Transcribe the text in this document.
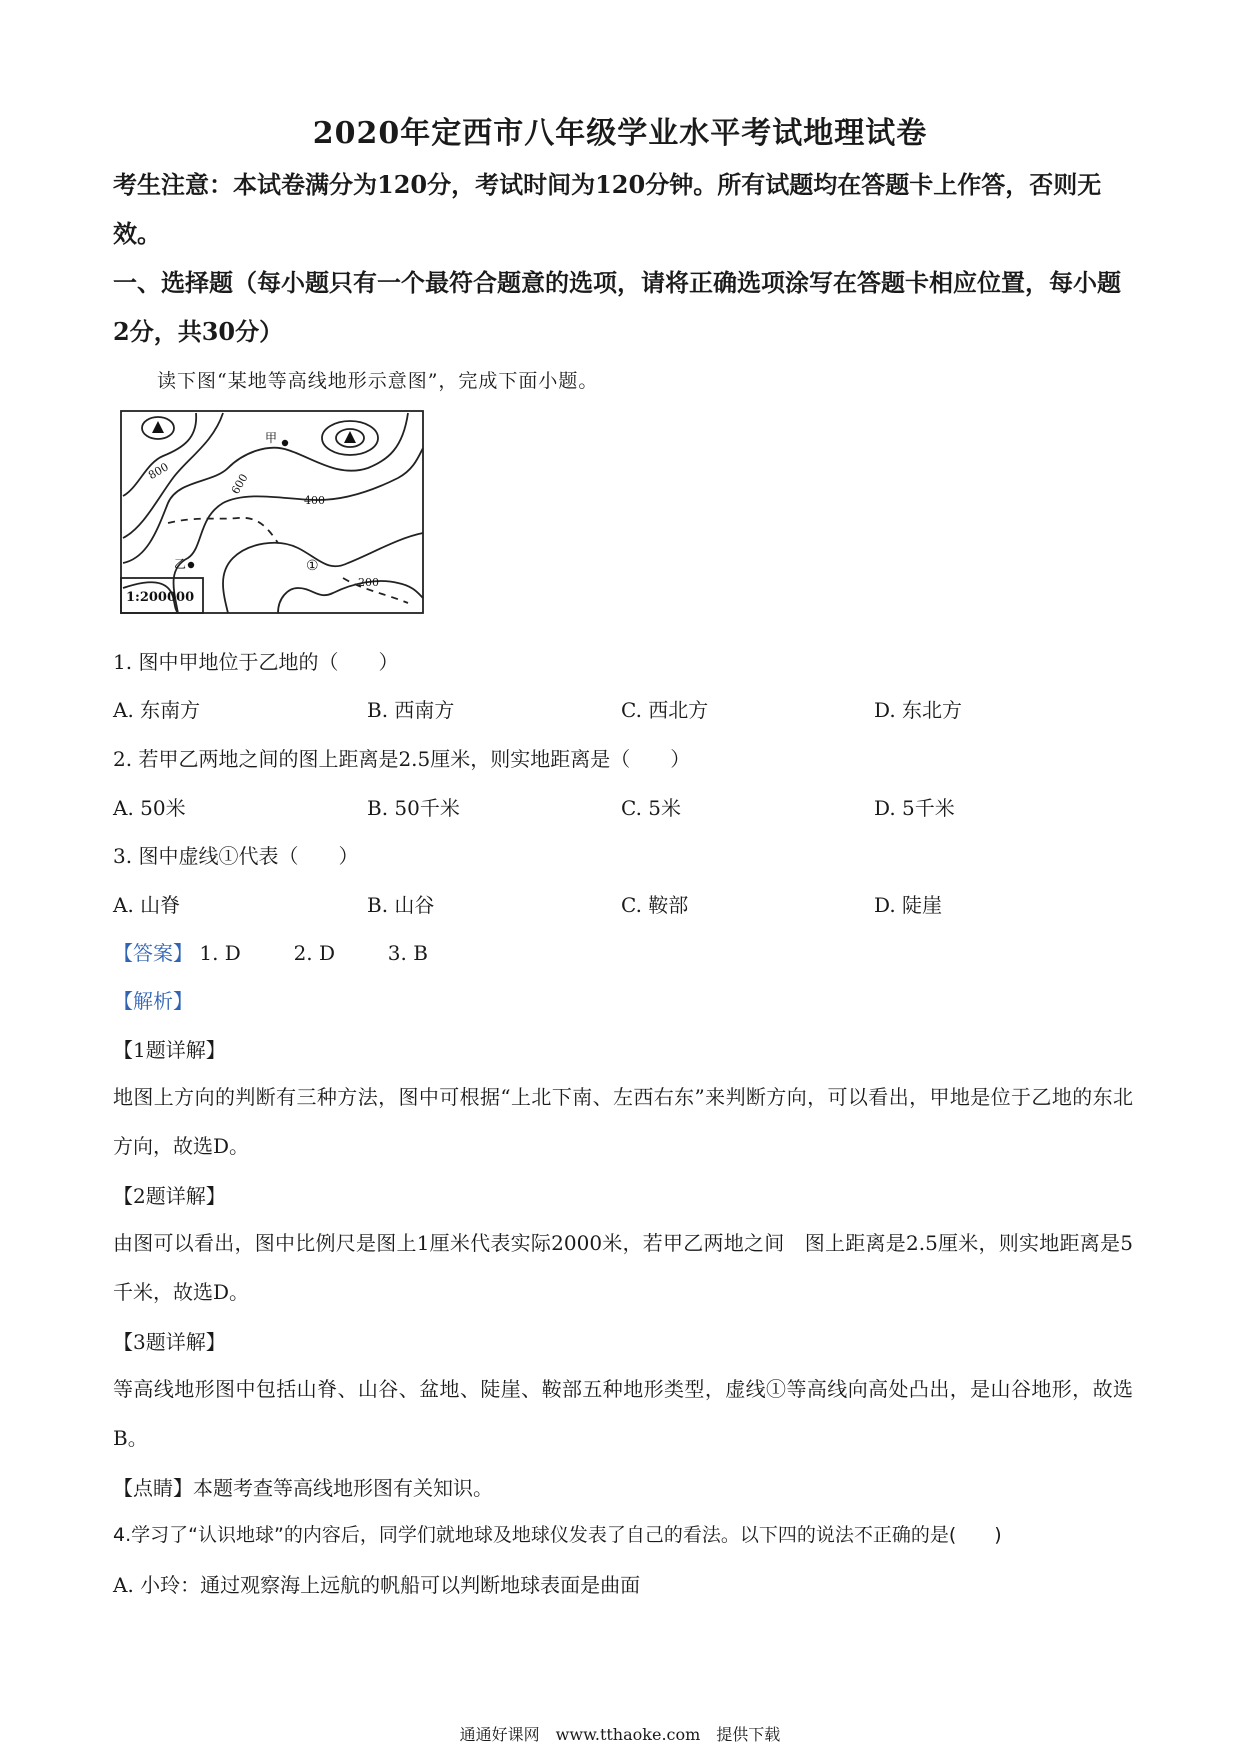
2020年定西市八年级学业水平考试地理试卷
考生注意：本试卷满分为120分，考试时间为120分钟。所有试题均在答题卡上作答，否则无效。
一、选择题（每小题只有一个最符合题意的选项，请将正确选项涂写在答题卡相应位置，每小题2分，共30分）
读下图“某地等高线地形示意图”，完成下面小题。
甲
乙	①
800
600
400
200
1:200000
1. 图中甲地位于乙地的（　　）
A. 东南方	B. 西南方	C. 西北方	D. 东北方
2. 若甲乙两地之间的图上距离是2.5厘米，则实地距离是（　　）
A. 50米	B. 50千米	C. 5米	D. 5千米
3. 图中虚线①代表（　　）
A. 山脊	B. 山谷	C. 鞍部	D. 陡崖
【答案】 1. D	2. D	3. B
【解析】
【1题详解】
地图上方向的判断有三种方法，图中可根据“上北下南、左西右东”来判断方向，可以看出，甲地是位于乙地的东北方向，故选D。
【2题详解】
由图可以看出，图中比例尺是图上1厘米代表实际2000米，若甲乙两地之间　图上距离是2.5厘米，则实地距离是5千米，故选D。
【3题详解】
等高线地形图中包括山脊、山谷、盆地、陡崖、鞍部五种地形类型，虚线①等高线向高处凸出，是山谷地形，故选B。
【点睛】本题考查等高线地形图有关知识。
4.学习了“认识地球”的内容后，同学们就地球及地球仪发表了自己的看法。以下四的说法不正确的是(　　)
A. 小玲：通过观察海上远航的帆船可以判断地球表面是曲面
通通好课网　www.tthaoke.com　提供下载
